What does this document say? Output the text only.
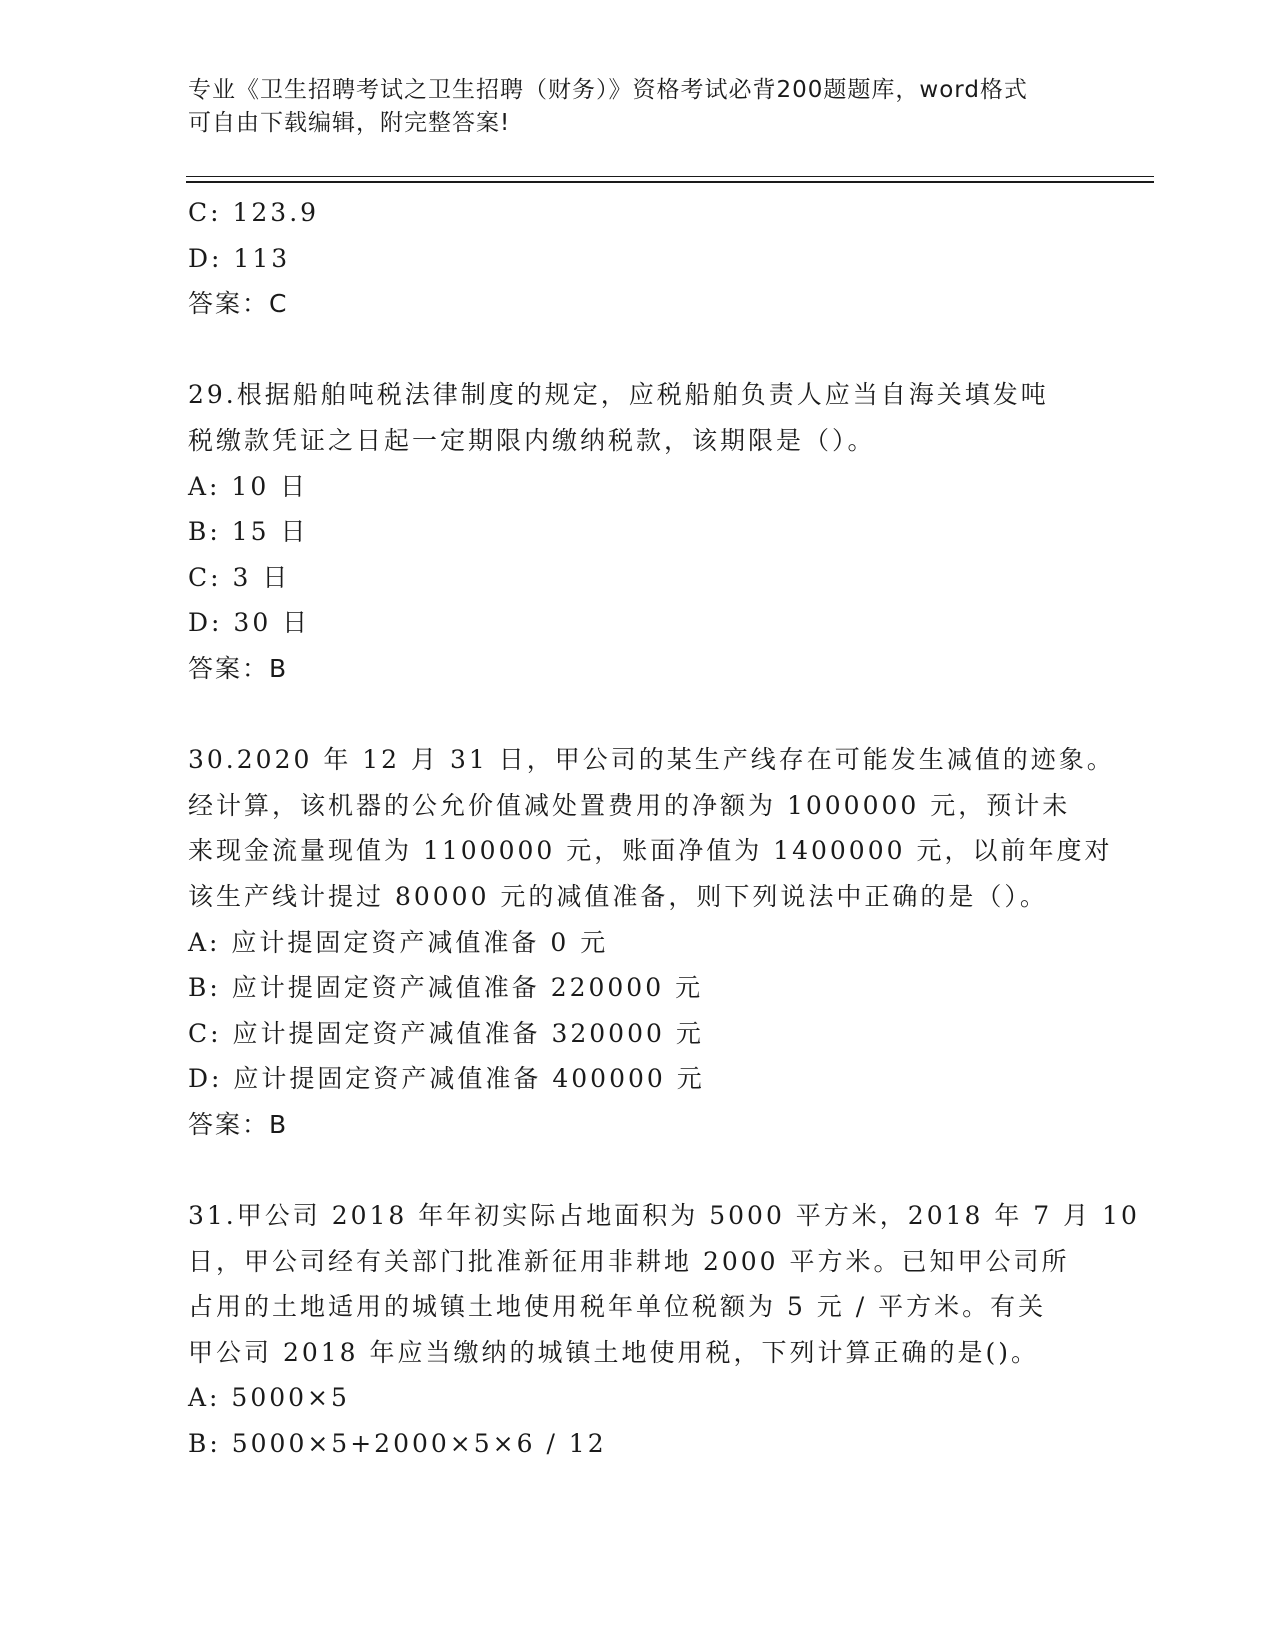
专业《卫生招聘考试之卫生招聘（财务）》资格考试必背200题题库，word格式
可自由下载编辑，附完整答案!
C: 123.9
D: 113
答案：C
29.根据船舶吨税法律制度的规定，应税船舶负责人应当自海关填发吨
税缴款凭证之日起一定期限内缴纳税款，该期限是（）。
A: 10 日
B: 15 日
C: 3 日
D: 30 日
答案：B
30.2020 年 12 月 31 日，甲公司的某生产线存在可能发生减值的迹象。
经计算，该机器的公允价值减处置费用的净额为 1000000 元，预计未
来现金流量现值为 1100000 元，账面净值为 1400000 元，以前年度对
该生产线计提过 80000 元的减值准备，则下列说法中正确的是（）。
A: 应计提固定资产减值准备 0 元
B: 应计提固定资产减值准备 220000 元
C: 应计提固定资产减值准备 320000 元
D: 应计提固定资产减值准备 400000 元
答案：B
31.甲公司 2018 年年初实际占地面积为 5000 平方米，2018 年 7 月 10
日，甲公司经有关部门批准新征用非耕地 2000 平方米。已知甲公司所
占用的土地适用的城镇土地使用税年单位税额为 5 元 / 平方米。有关
甲公司 2018 年应当缴纳的城镇土地使用税，下列计算正确的是()。
A: 5000×5
B: 5000×5+2000×5×6 / 12
